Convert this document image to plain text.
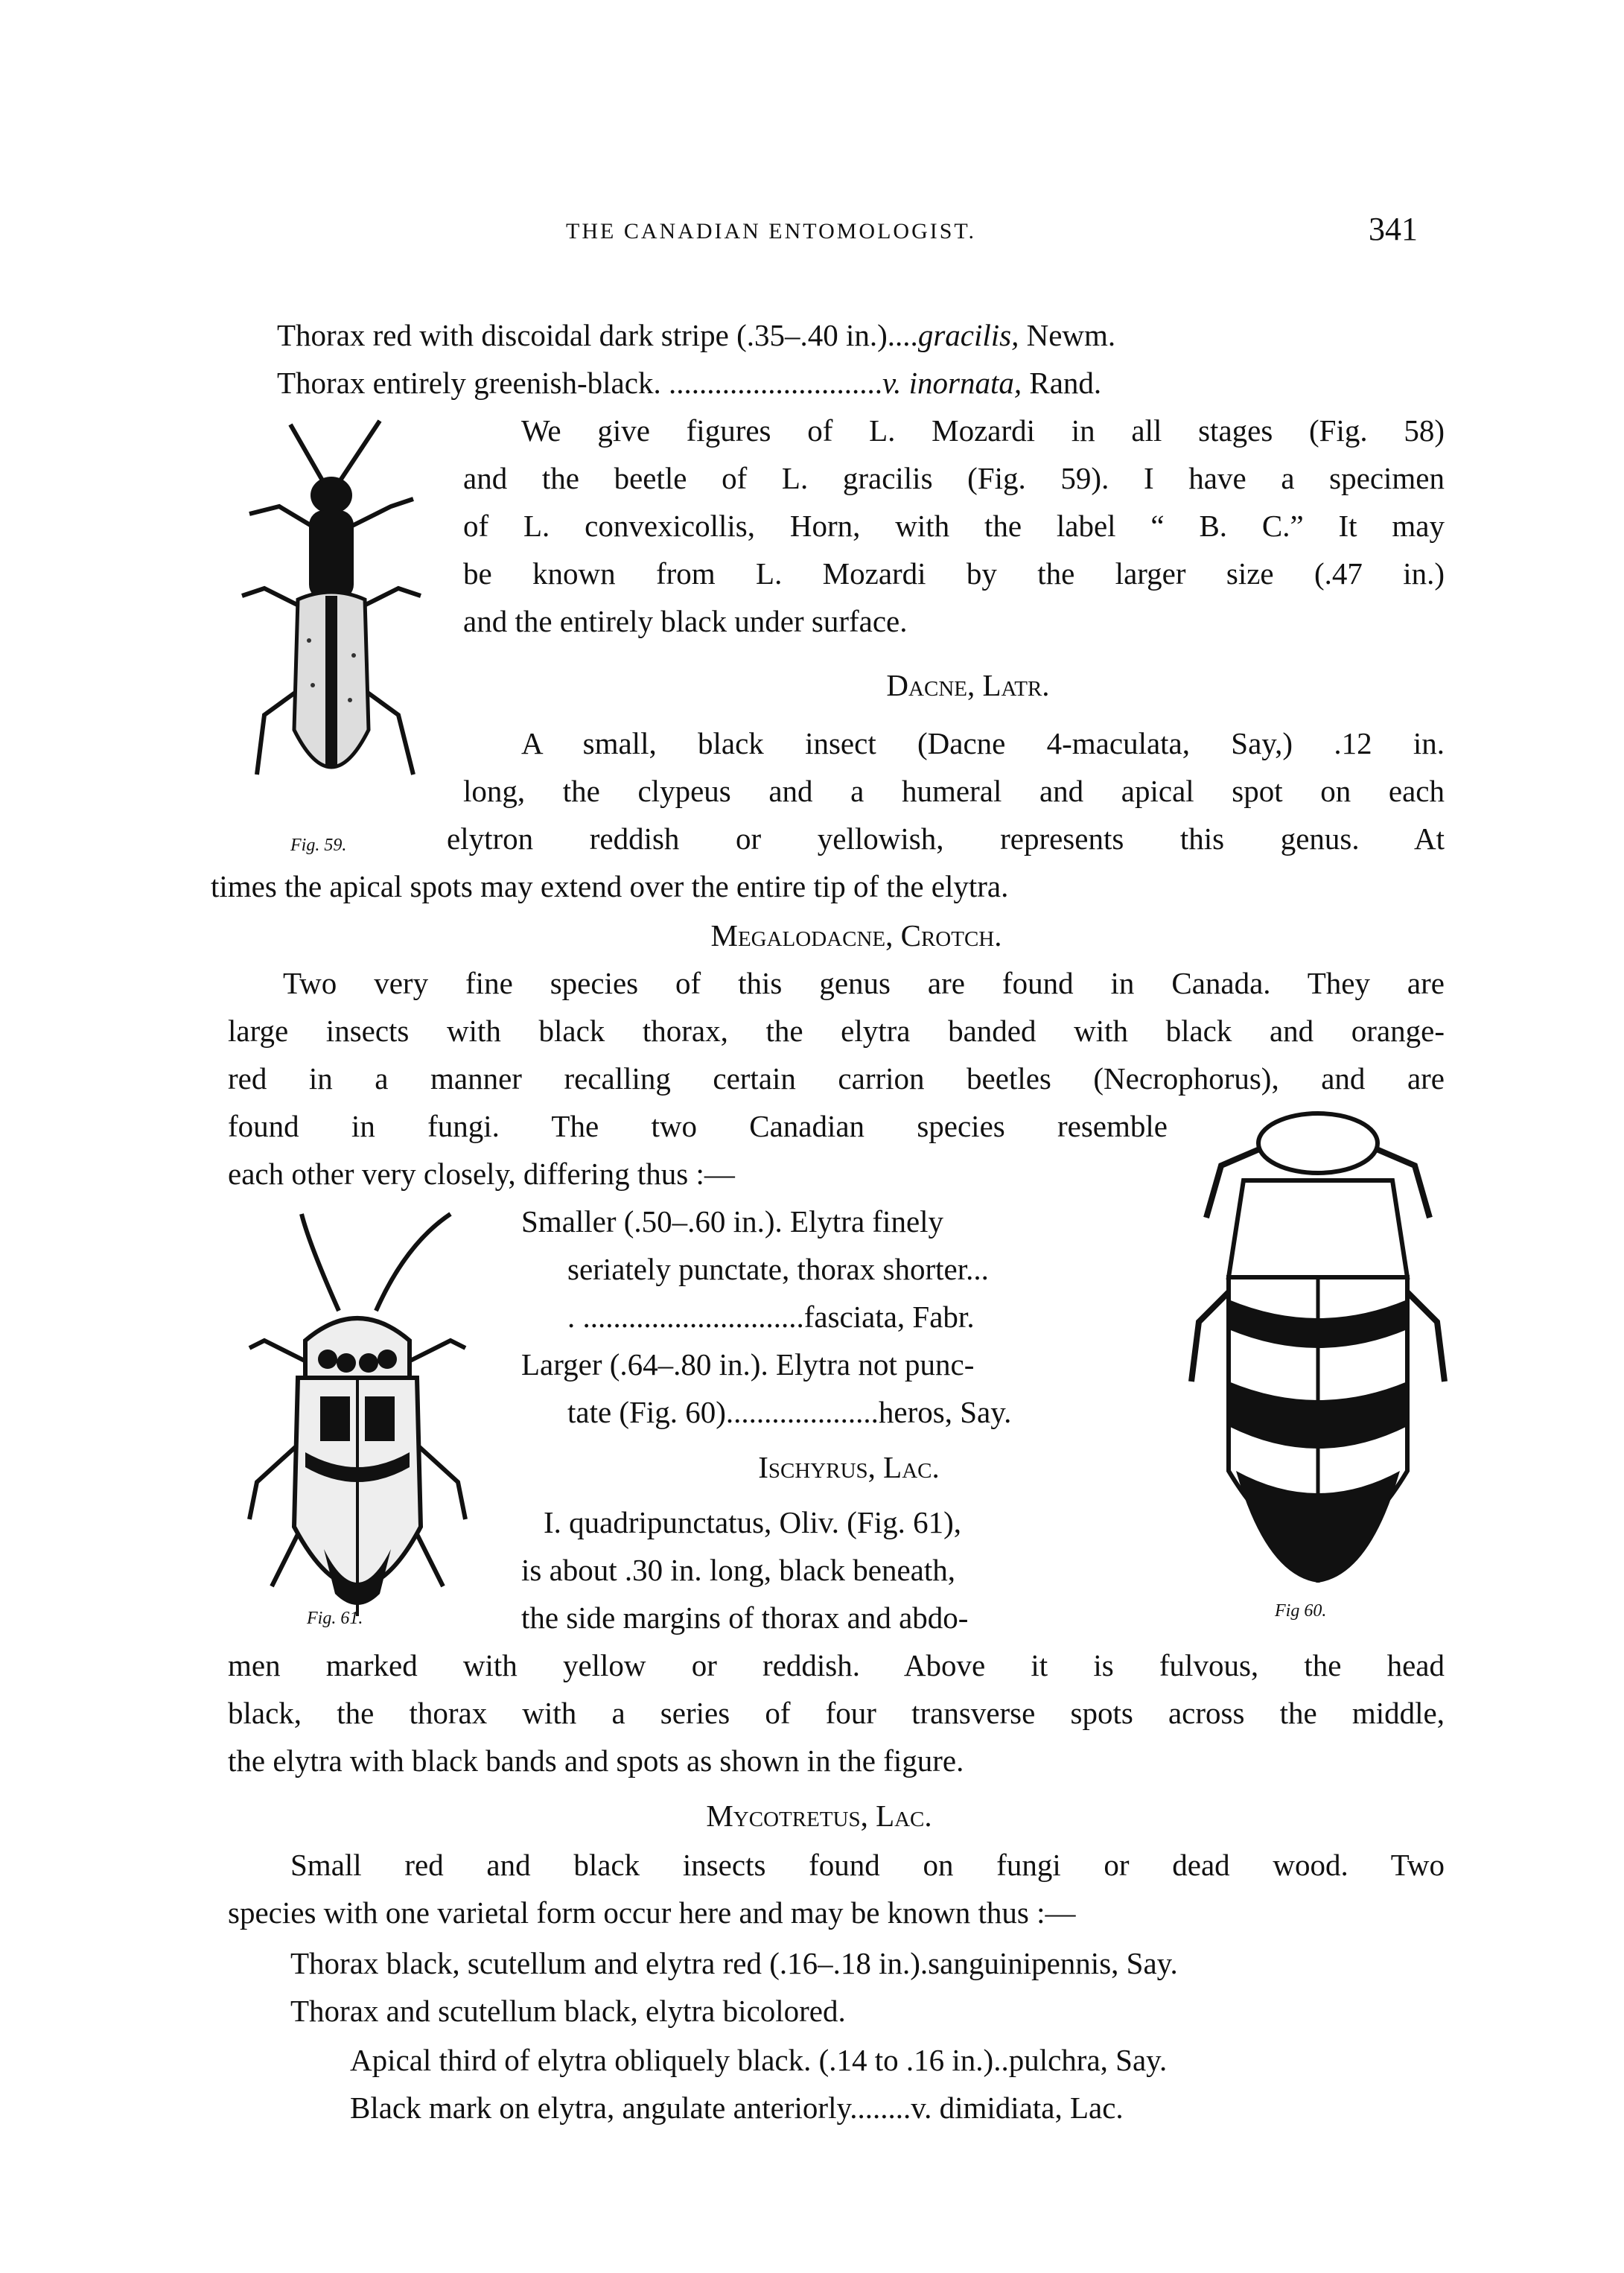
THE CANADIAN ENTOMOLOGIST.	341
Thorax red with discoidal dark stripe (.35–.40 in.)....gracilis, Newm.
Thorax entirely greenish-black. ............................v. inornata, Rand.
Fig. 59.
We give figures of L. Mozardi in all stages (Fig. 58)
and the beetle of L. gracilis (Fig. 59). I have a specimen
of L. convexicollis, Horn, with the label “ B. C.” It may
be known from L. Mozardi by the larger size (.47 in.)
and the entirely black under surface.
Dacne, Latr.
A small, black insect (Dacne 4-maculata, Say,) .12 in.
long, the clypeus and a humeral and apical spot on each
elytron reddish or yellowish, represents this genus. At
times the apical spots may extend over the entire tip of the elytra.
Megalodacne, Crotch.
Two very fine species of this genus are found in Canada. They are
large insects with black thorax, the elytra banded with black and orange-
red in a manner recalling certain carrion beetles (Necrophorus), and are
found in fungi. The two Canadian species resemble
each other very closely, differing thus :—
Smaller (.50–.60 in.). Elytra finely
seriately punctate, thorax shorter...
. .............................fasciata, Fabr.
Larger (.64–.80 in.). Elytra not punc-
tate (Fig. 60)....................heros, Say.
Fig. 61.	Fig 60.
Ischyrus, Lac.
I. quadripunctatus, Oliv. (Fig. 61),
is about .30 in. long, black beneath,
the side margins of thorax and abdo-
men marked with yellow or reddish. Above it is fulvous, the head
black, the thorax with a series of four transverse spots across the middle,
the elytra with black bands and spots as shown in the figure.
Mycotretus, Lac.
Small red and black insects found on fungi or dead wood. Two
species with one varietal form occur here and may be known thus :—
Thorax black, scutellum and elytra red (.16–.18 in.).sanguinipennis, Say.
Thorax and scutellum black, elytra bicolored.
Apical third of elytra obliquely black. (.14 to .16 in.)..pulchra, Say.
Black mark on elytra, angulate anteriorly........v. dimidiata, Lac.
